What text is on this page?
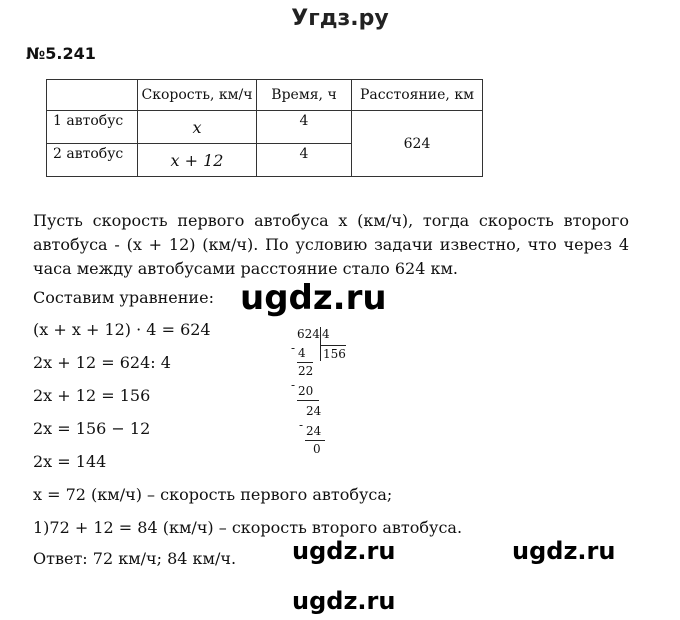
Угдз.ру
№5.241
	Скорость, км/ч	Время, ч	Расстояние, км
1 автобус	x	4	624
2 автобус	x + 12	4	
Пусть скорость первого автобуса x (км/ч), тогда скорость второго автобуса - (x + 12) (км/ч). По условию задачи известно, что через 4 часа между автобусами расстояние стало 624 км.
Составим уравнение:
(x + x + 12) · 4 = 624
2x + 12 = 624: 4
2x + 12 = 156
2x = 156 − 12
2x = 144
x = 72 (км/ч) – скорость первого автобуса;
1)72 + 12 = 84 (км/ч) – скорость второго автобуса.
Ответ: 72 км/ч; 84 км/ч.
624 4
156
- 4
22
- 20
24
- 24
0
ugdz.ru
ugdz.ru	ugdz.ru
ugdz.ru
